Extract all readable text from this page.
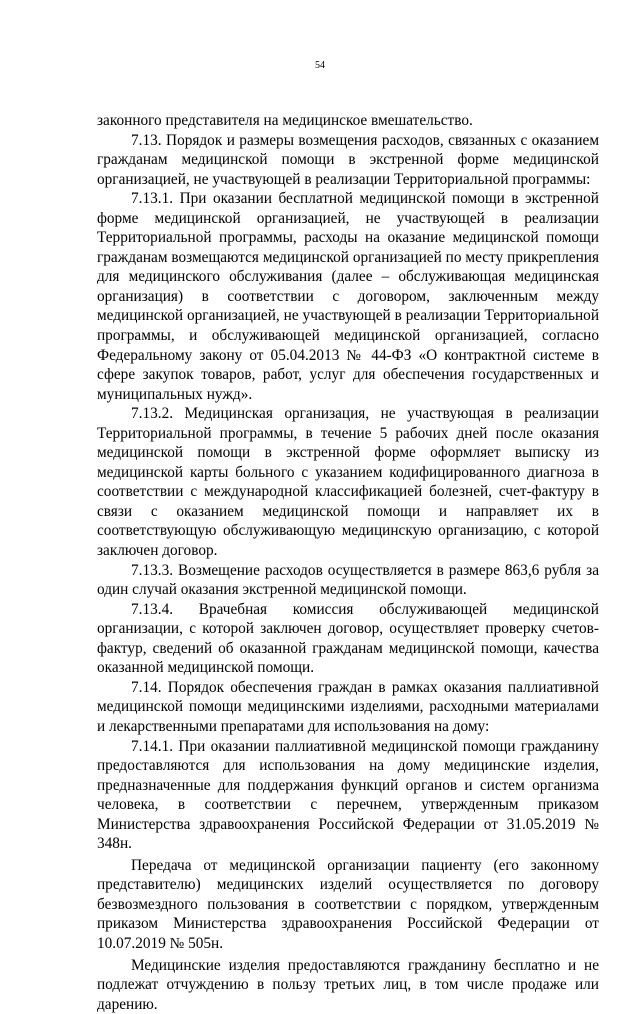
54

законного представителя на медицинское вмешательство.

7.13. Порядок и размеры возмещения расходов, связанных с оказанием гражданам медицинской помощи в экстренной форме медицинской организацией, не участвующей в реализации Территориальной программы:

7.13.1. При оказании бесплатной медицинской помощи в экстренной форме медицинской организацией, не участвующей в реализации Территориальной программы, расходы на оказание медицинской помощи гражданам возмещаются медицинской организацией по месту прикрепления для медицинского обслуживания (далее – обслуживающая медицинская организация) в соответствии с договором, заключенным между медицинской организацией, не участвующей в реализации Территориальной программы, и обслуживающей медицинской организацией, согласно Федеральному закону от 05.04.2013 № 44-ФЗ «О контрактной системе в сфере закупок товаров, работ, услуг для обеспечения государственных и муниципальных нужд».

7.13.2. Медицинская организация, не участвующая в реализации Территориальной программы, в течение 5 рабочих дней после оказания медицинской помощи в экстренной форме оформляет выписку из медицинской карты больного с указанием кодифицированного диагноза в соответствии с международной классификацией болезней, счет-фактуру в связи с оказанием медицинской помощи и направляет их в соответствующую обслуживающую медицинскую организацию, с которой заключен договор.

7.13.3. Возмещение расходов осуществляется в размере 863,6 рубля за один случай оказания экстренной медицинской помощи.

7.13.4. Врачебная комиссия обслуживающей медицинской организации, с которой заключен договор, осуществляет проверку счетов-фактур, сведений об оказанной гражданам медицинской помощи, качества оказанной медицинской помощи.

7.14. Порядок обеспечения граждан в рамках оказания паллиативной медицинской помощи медицинскими изделиями, расходными материалами и лекарственными препаратами для использования на дому:

7.14.1. При оказании паллиативной медицинской помощи гражданину предоставляются для использования на дому медицинские изделия, предназначенные для поддержания функций органов и систем организма человека, в соответствии с перечнем, утвержденным приказом Министерства здравоохранения Российской Федерации от 31.05.2019 № 348н.

Передача от медицинской организации пациенту (его законному представителю) медицинских изделий осуществляется по договору безвозмездного пользования в соответствии с порядком, утвержденным приказом Министерства здравоохранения Российской Федерации от 10.07.2019 № 505н.

Медицинские изделия предоставляются гражданину бесплатно и не подлежат отчуждению в пользу третьих лиц, в том числе продаже или дарению.
